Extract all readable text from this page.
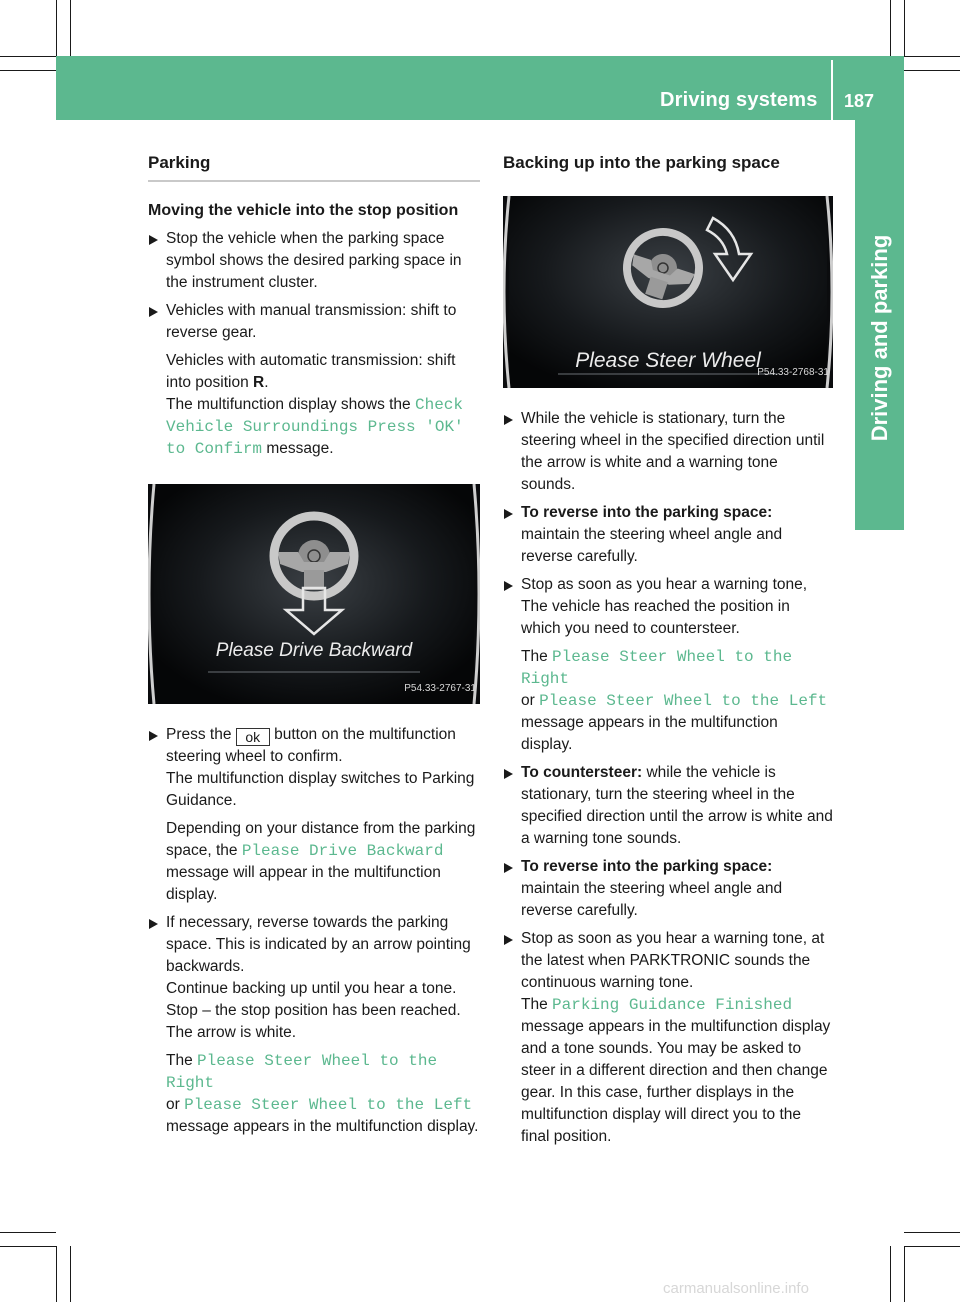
Driving systems 187
Driving and parking
Parking
Moving the vehicle into the stop position

Stop the vehicle when the parking space symbol shows the desired parking space in the instrument cluster.

Vehicles with manual transmission: shift to reverse gear.

Vehicles with automatic transmission: shift into position R.

The multifunction display shows the Check Vehicle Surroundings Press 'OK' to Confirm message.

Please Drive Backward
P54.33-2767-31

Press the ok button on the multifunction steering wheel to confirm.

The multifunction display switches to Parking Guidance.

Depending on your distance from the parking space, the Please Drive Backward message will appear in the multifunction display.

If necessary, reverse towards the parking space. This is indicated by an arrow pointing backwards.

Continue backing up until you hear a tone. Stop – the stop position has been reached. The arrow is white.

The Please Steer Wheel to the Right
or Please Steer Wheel to the Left
message appears in the multifunction display.

Backing up into the parking space
Please Steer Wheel
P54.33-2768-31

While the vehicle is stationary, turn the steering wheel in the specified direction until the arrow is white and a warning tone sounds.

To reverse into the parking space: maintain the steering wheel angle and reverse carefully.

Stop as soon as you hear a warning tone, The vehicle has reached the position in which you need to countersteer.

The Please Steer Wheel to the Right
or Please Steer Wheel to the Left
message appears in the multifunction display.

To countersteer: while the vehicle is stationary, turn the steering wheel in the specified direction until the arrow is white and a warning tone sounds.

To reverse into the parking space: maintain the steering wheel angle and reverse carefully.

Stop as soon as you hear a warning tone, at the latest when PARKTRONIC sounds the continuous warning tone.

The Parking Guidance Finished message appears in the multifunction display and a tone sounds. You may be asked to steer in a different direction and then change gear. In this case, further displays in the multifunction display will direct you to the final position.

carmanualsonline.info
